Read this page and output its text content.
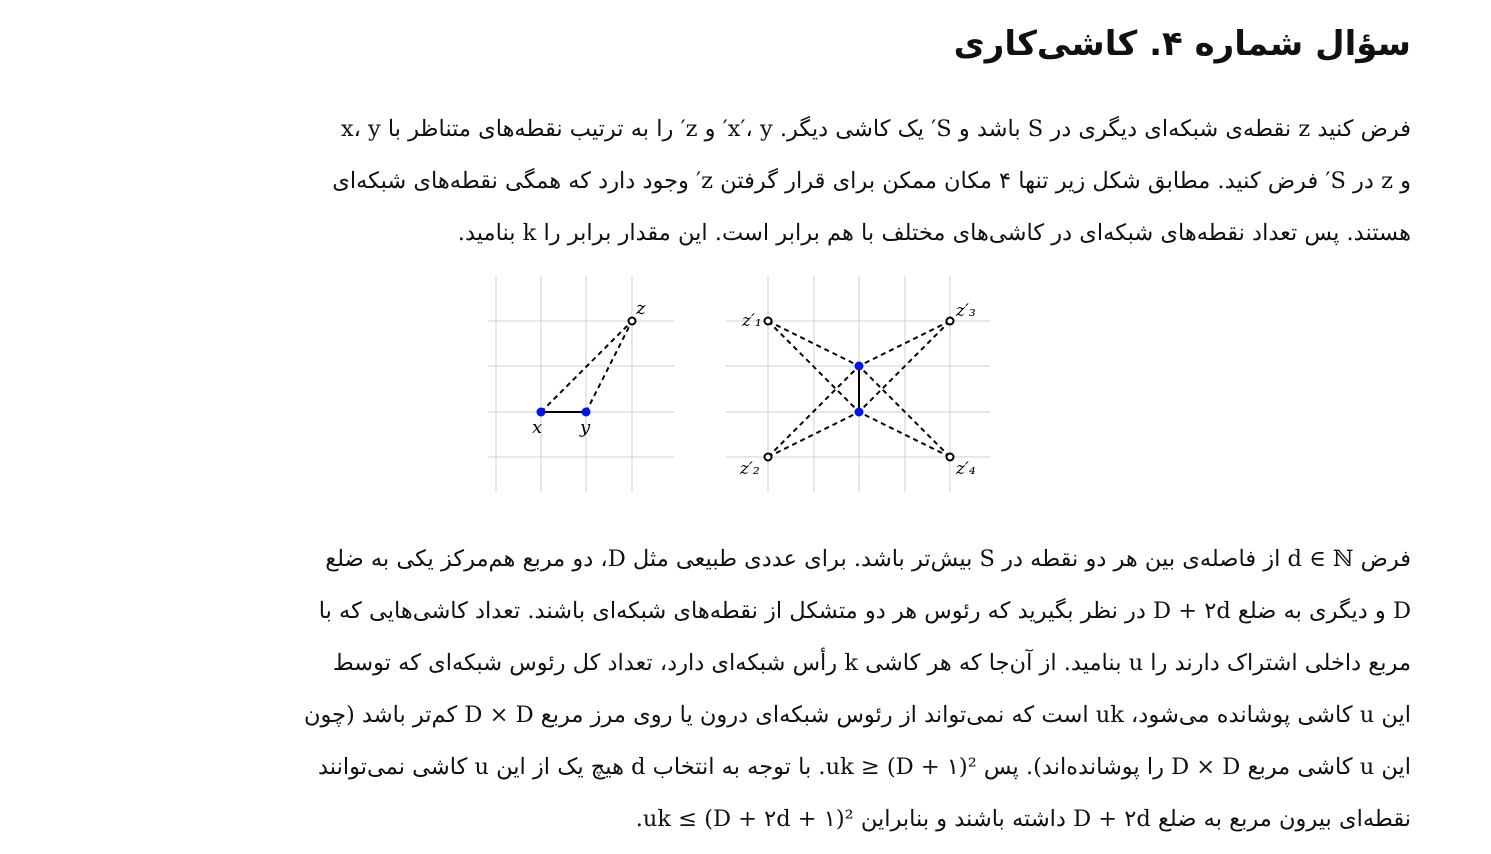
سؤال شماره ۴. کاشی‌کاری
فرض کنید z نقطه‌ی شبکه‌ای دیگری در S باشد و S′ یک کاشی دیگر. x′، y′ و z′ را به ترتیب نقطه‌های متناظر با x، y
و z در S′ فرض کنید. مطابق شکل زیر تنها ۴ مکان ممکن برای قرار گرفتن z′ وجود دارد که همگی نقطه‌های شبکه‌ای
هستند. پس تعداد نقطه‌های شبکه‌ای در کاشی‌های مختلف با هم برابر است. این مقدار برابر را k بنامید.
x y
z
z′₁	z′₃
z′₂	z′₄
فرض d ∈ ℕ از فاصله‌ی بین هر دو نقطه در S بیش‌تر باشد. برای عددی طبیعی مثل D، دو مربع هم‌مرکز یکی به ضلع
D و دیگری به ضلع D + ۲d در نظر بگیرید که رئوس هر دو متشکل از نقطه‌های شبکه‌ای باشند. تعداد کاشی‌هایی که با
مربع داخلی اشتراک دارند را u بنامید. از آن‌جا که هر کاشی k رأس شبکه‌ای دارد، تعداد کل رئوس شبکه‌ای که توسط
این u کاشی پوشانده می‌شود، uk است که نمی‌تواند از رئوس شبکه‌ای درون یا روی مرز مربع D × D کم‌تر باشد (چون
این u کاشی مربع D × D را پوشانده‌اند). پس uk ≥ (D + ۱)². با توجه به انتخاب d هیچ یک از این u کاشی نمی‌توانند
نقطه‌ای بیرون مربع به ضلع D + ۲d داشته باشند و بنابراین uk ≤ (D + ۲d + ۱)².
